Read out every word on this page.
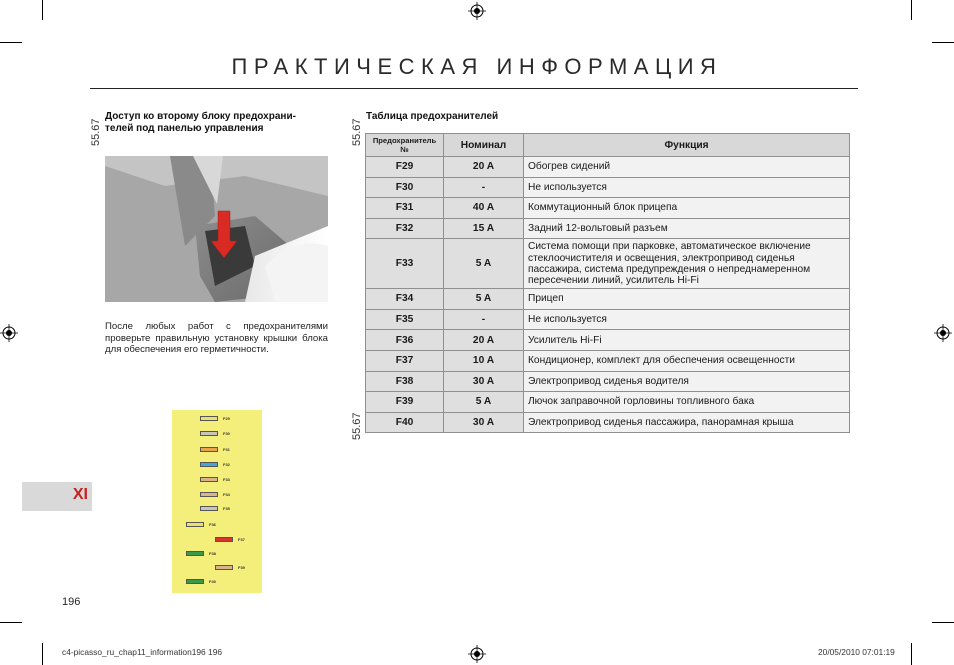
ПРАКТИЧЕСКАЯ ИНФОРМАЦИЯ
55.67	55.67
55.67
Доступ ко второму блоку предохрани-
телей под панелью управления
После любых работ с предохранителями проверьте правильную установку крышки блока для обеспечения его герметичности.
F29
F30
F31
F32
F33
F34
F35
F36
F37
F38
F39
F40
XI
196
Таблица предохранителей
Предохранитель №	Номинал	Функция
F29	20 A	Обогрев сидений
F30	-	Не используется
F31	40 A	Коммутационный блок прицепа
F32	15 A	Задний 12-вольтовый разъем
F33	5 A	Система помощи при парковке, автоматическое включение стеклоочистителя и освещения, электропривод сиденья пассажира, система предупреждения о непреднамеренном пересечении линий, усилитель Hi-Fi
F34	5 A	Прицеп
F35	-	Не используется
F36	20 A	Усилитель Hi-Fi
F37	10 A	Кондиционер, комплект для обеспечения освещенности
F38	30 A	Электропривод сиденья водителя
F39	5 A	Лючок заправочной горловины топливного бака
F40	30 A	Электропривод сиденья пассажира, панорамная крыша
c4-picasso_ru_chap11_information196 196	20/05/2010 07:01:19
